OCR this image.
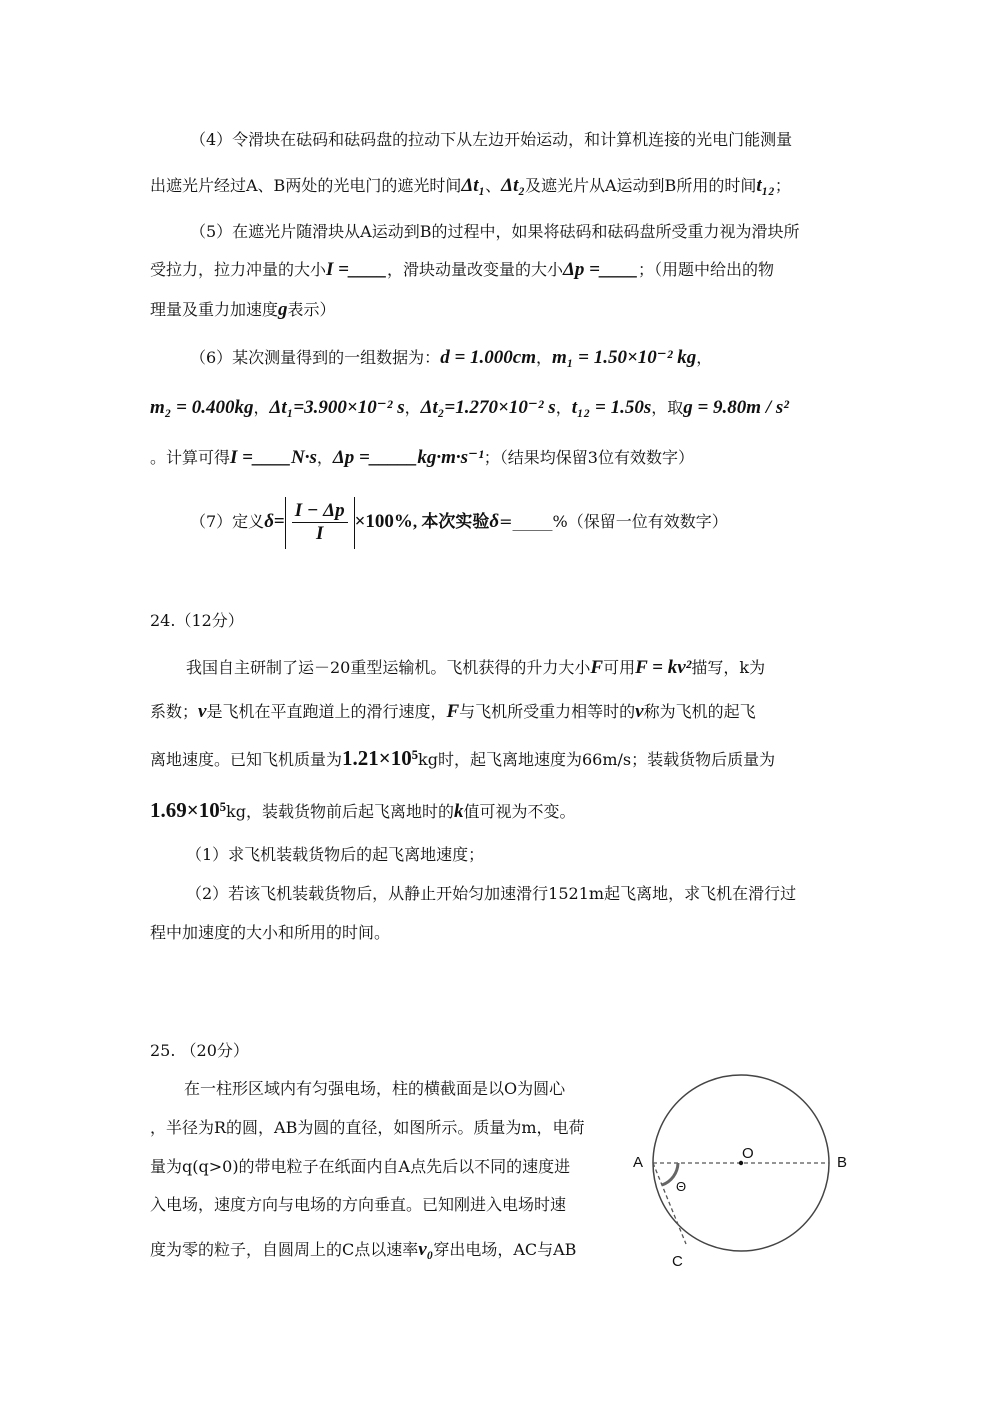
（4）令滑块在砝码和砝码盘的拉动下从左边开始运动，和计算机连接的光电门能测量
出遮光片经过A、B两处的光电门的遮光时间Δt₁、Δt₂及遮光片从A运动到B所用的时间t₁₂；
（5）在遮光片随滑块从A运动到B的过程中，如果将砝码和砝码盘所受重力视为滑块所
受拉力，拉力冲量的大小I =____，滑块动量改变量的大小Δp =____；（用题中给出的物
理量及重力加速度g表示）
（6）某次测量得到的一组数据为：d = 1.000cm，m₁ = 1.50×10⁻² kg，
m₂ = 0.400kg，Δt₁=3.900×10⁻² s，Δt₂=1.270×10⁻² s，t₁₂ = 1.50s，取g = 9.80m / s²
。计算可得I =____N·s，Δp =_____kg·m·s⁻¹；（结果均保留3位有效数字）
（7）定义$\delta= \frac{I - \Delta p}{I} \times 100\%$, 本次实验δ=_____%（保留一位有效数字）
24.（12分）
我国自主研制了运－20重型运输机。飞机获得的升力大小F可用F = kv²描写，k为
系数；v是飞机在平直跑道上的滑行速度，F与飞机所受重力相等时的v称为飞机的起飞
离地速度。已知飞机质量为1.21×10⁵kg时，起飞离地速度为66m/s；装载货物后质量为
1.69×10⁵kg，装载货物前后起飞离地时的k值可视为不变。
（1）求飞机装载货物后的起飞离地速度；
（2）若该飞机装载货物后，从静止开始匀加速滑行1521m起飞离地，求飞机在滑行过
程中加速度的大小和所用的时间。
25. （20分）
在一柱形区域内有匀强电场，柱的横截面是以O为圆心
，半径为R的圆，AB为圆的直径，如图所示。质量为m，电荷
量为q(q>0)的带电粒子在纸面内自A点先后以不同的速度进
入电场，速度方向与电场的方向垂直。已知刚进入电场时速
度为零的粒子，自圆周上的C点以速率v₀穿出电场，AC与AB
A	B
O
C
Θ
